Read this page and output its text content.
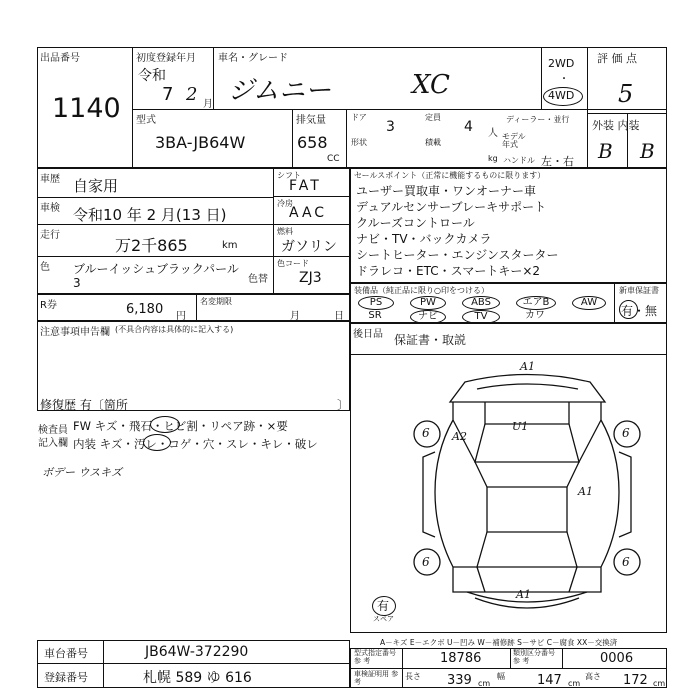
出品番号
1140
初度登録年月
令和
7 2 月
車名・グレード
ジムニー	XC
2WD
・
4WD
評 価 点
5
外装 内装
B B
型式
3BA-JB64W
排気量
658
CC
ドア
3
定員
4 人
ディーラー・並行
形状	積載
モデル 年式
kg ハンドル 左・右
車歴 自家用
車検 令和10 年 2 月(13 日)
走行
万2千865	km
色 ブルーイッシュブラックパール3	色替
シフト
FAT
冷房
AAC
燃料
ガソリン
色コード
ZJ3
セールスポイント（正常に機能するものに限ります）
ユーザー買取車・ワンオーナー車
デュアルセンサーブレーキサポート
クルーズコントロール
ナビ・TV・バックカメラ
シートヒーター・エンジンスターター
ドラレコ・ETC・スマートキー×2
装備品（純正品に限り○印をつける）	新車保証書
有・無
PS	PW	ABS	エアB	AW
SR	ナビ	TV	カワ
R券	6,180 円
名変期限
月	日
注意事項申告欄 (不具合内容は具体的に記入する)
修復歴 有〔箇所	〕
後日品 保証書・取説
検査員
記入欄
FW キズ・飛石・ヒビ割・リペア跡・×要
内装 キズ・汚レ・コゲ・穴・スレ・キレ・破レ
ボデー ウスキズ
A1
U1
A2
A1
A1
6	6
6	6
有
スペア
A－キズ E－エクボ U－凹み W－補修跡 S－サビ C－腐食 XX－交換済
車台番号	JB64W-372290
登録番号	札幌 589 ゆ 616
型式指定番号 参 考	18786	類別区分番号 参 考	0006
車検証明用 参 考
長さ 339 cm
幅 147 cm
高さ 172 cm
